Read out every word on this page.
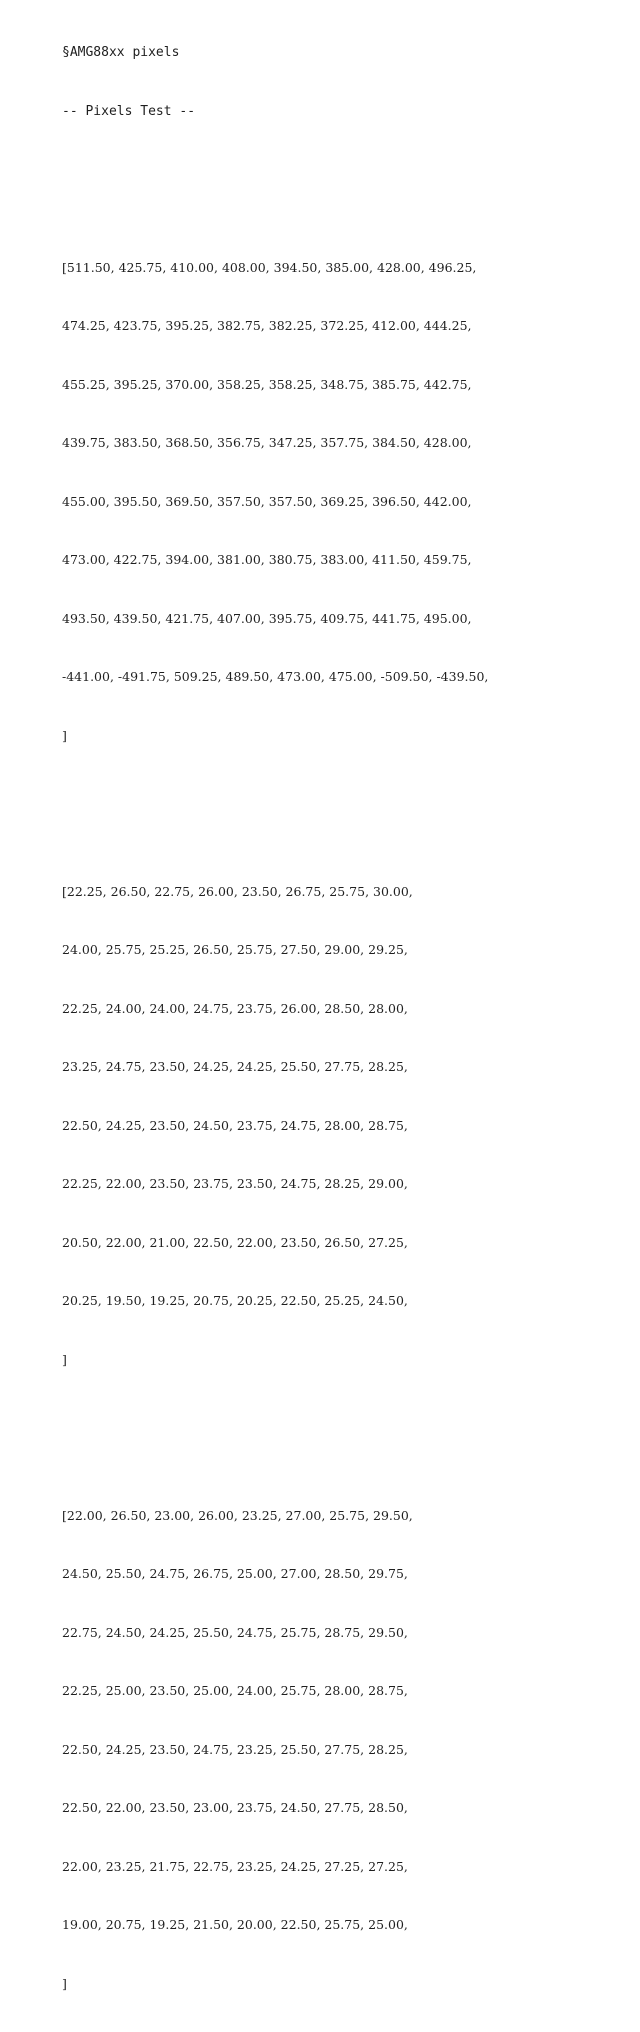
§AMG88xx pixels

-- Pixels Test --

[511.50, 425.75, 410.00, 408.00, 394.50, 385.00, 428.00, 496.25,

474.25, 423.75, 395.25, 382.75, 382.25, 372.25, 412.00, 444.25,

455.25, 395.25, 370.00, 358.25, 358.25, 348.75, 385.75, 442.75,

439.75, 383.50, 368.50, 356.75, 347.25, 357.75, 384.50, 428.00,

455.00, 395.50, 369.50, 357.50, 357.50, 369.25, 396.50, 442.00,

473.00, 422.75, 394.00, 381.00, 380.75, 383.00, 411.50, 459.75,

493.50, 439.50, 421.75, 407.00, 395.75, 409.75, 441.75, 495.00,

-441.00, -491.75, 509.25, 489.50, 473.00, 475.00, -509.50, -439.50,

]

[22.25, 26.50, 22.75, 26.00, 23.50, 26.75, 25.75, 30.00,

24.00, 25.75, 25.25, 26.50, 25.75, 27.50, 29.00, 29.25,

22.25, 24.00, 24.00, 24.75, 23.75, 26.00, 28.50, 28.00,

23.25, 24.75, 23.50, 24.25, 24.25, 25.50, 27.75, 28.25,

22.50, 24.25, 23.50, 24.50, 23.75, 24.75, 28.00, 28.75,

22.25, 22.00, 23.50, 23.75, 23.50, 24.75, 28.25, 29.00,

20.50, 22.00, 21.00, 22.50, 22.00, 23.50, 26.50, 27.25,

20.25, 19.50, 19.25, 20.75, 20.25, 22.50, 25.25, 24.50,

]

[22.00, 26.50, 23.00, 26.00, 23.25, 27.00, 25.75, 29.50,

24.50, 25.50, 24.75, 26.75, 25.00, 27.00, 28.50, 29.75,

22.75, 24.50, 24.25, 25.50, 24.75, 25.75, 28.75, 29.50,

22.25, 25.00, 23.50, 25.00, 24.00, 25.75, 28.00, 28.75,

22.50, 24.25, 23.50, 24.75, 23.25, 25.50, 27.75, 28.25,

22.50, 22.00, 23.50, 23.00, 23.75, 24.50, 27.75, 28.50,

22.00, 23.25, 21.75, 22.75, 23.25, 24.25, 27.25, 27.25,

19.00, 20.75, 19.25, 21.50, 20.00, 22.50, 25.75, 25.00,

]
